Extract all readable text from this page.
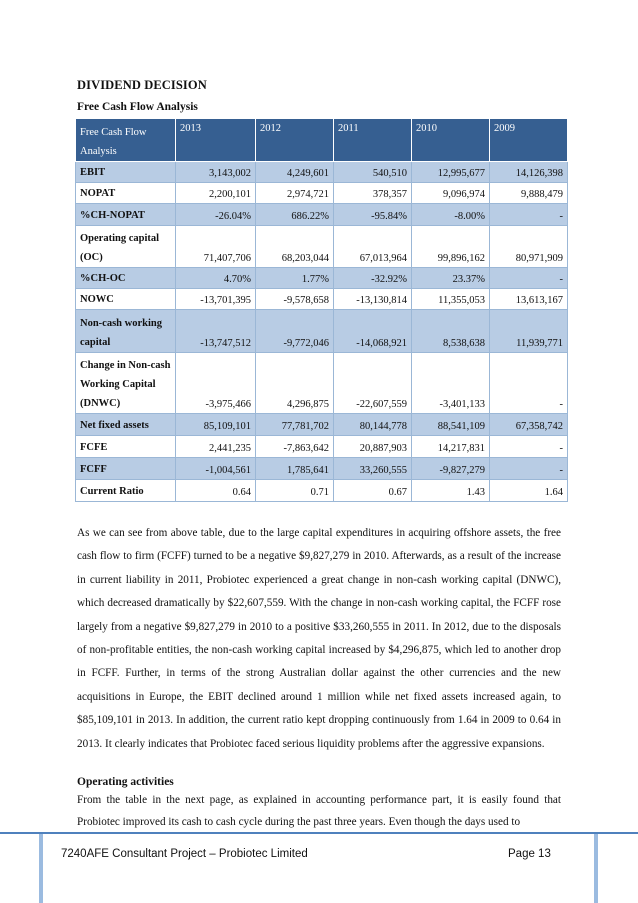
DIVIDEND DECISION
Free Cash Flow Analysis
Free Cash Flow Analysis	2013	2012	2011	2010	2009
EBIT	3,143,002	4,249,601	540,510	12,995,677	14,126,398
NOPAT	2,200,101	2,974,721	378,357	9,096,974	9,888,479
%CH-NOPAT	-26.04%	686.22%	-95.84%	-8.00%	-
Operating capital (OC)	71,407,706	68,203,044	67,013,964	99,896,162	80,971,909
%CH-OC	4.70%	1.77%	-32.92%	23.37%	-
NOWC	-13,701,395	-9,578,658	-13,130,814	11,355,053	13,613,167
Non-cash working capital	-13,747,512	-9,772,046	-14,068,921	8,538,638	11,939,771
Change in Non-cash Working Capital (DNWC)	-3,975,466	4,296,875	-22,607,559	-3,401,133	-
Net fixed assets	85,109,101	77,781,702	80,144,778	88,541,109	67,358,742
FCFE	2,441,235	-7,863,642	20,887,903	14,217,831	-
FCFF	-1,004,561	1,785,641	33,260,555	-9,827,279	-
Current Ratio	0.64	0.71	0.67	1.43	1.64
As we can see from above table, due to the large capital expenditures in acquiring offshore assets, the free cash flow to firm (FCFF) turned to be a negative $9,827,279 in 2010. Afterwards, as a result of the increase in current liability in 2011, Probiotec experienced a great change in non-cash working capital (DNWC), which decreased dramatically by $22,607,559. With the change in non-cash working capital, the FCFF rose largely from a negative $9,827,279 in 2010 to a positive $33,260,555 in 2011. In 2012, due to the disposals of non-profitable entities, the non-cash working capital increased by $4,296,875, which led to another drop in FCFF. Further, in terms of the strong Australian dollar against the other currencies and the new acquisitions in Europe, the EBIT declined around 1 million while net fixed assets increased again, to $85,109,101 in 2013. In addition, the current ratio kept dropping continuously from 1.64 in 2009 to 0.64 in 2013. It clearly indicates that Probiotec faced serious liquidity problems after the aggressive expansions.
Operating activities
From the table in the next page, as explained in accounting performance part, it is easily found that Probiotec improved its cash to cash cycle during the past three years. Even though the days used to
7240AFE Consultant Project – Probiotec Limited	Page 13
